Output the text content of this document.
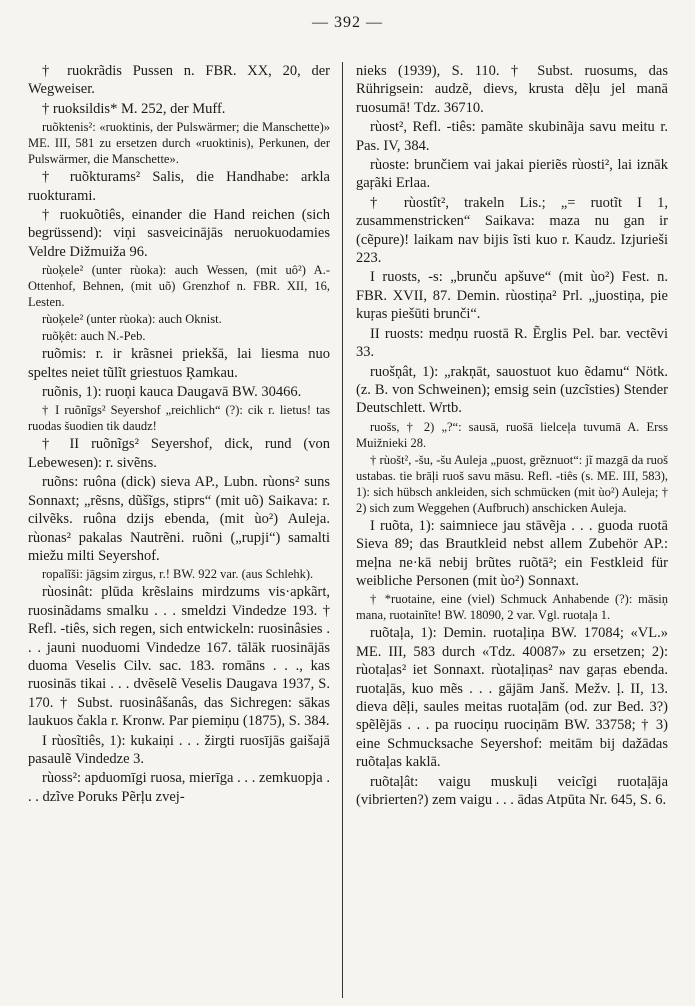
— 392 —

† ruokrãdis Pussen n. FBR. XX, 20, der Wegweiser.

† ruoksildis* M. 252, der Muff.

ruõktenis²: «ruoktinis, der Pulswärmer; die Manschette)» ME. III, 581 zu ersetzen durch «ruoktinis), Perkunen, der Pulswärmer, die Manschette».

† ruõkturams² Salis, die Handhabe: arkla ruokturami.

† ruokuõtiês, einander die Hand reichen (sich begrüssend): viņi sasveicinājās neruokuodamies Veldre Dižmuiža 96.

rùoķele² (unter rùoka): auch Wessen, (mit uô²) A.-Ottenhof, Behnen, (mit uõ) Grenzhof n. FBR. XII, 16, Lesten.

rùoķele² (unter rùoka): auch Oknist.

ruõķêt: auch N.-Peb.

ruõmis: r. ir krãsnei priekšā, lai liesma nuo speltes neiet tũlĩt griestuos Ŗamkau.

ruõnis, 1): ruoņi kauca Daugavā BW. 30466.

† I ruõnĩgs² Seyershof „reichlich“ (?): cik r. lietus! tas ruodas šuodien tik daudz!

† II ruõnĩgs² Seyershof, dick, rund (von Lebewesen): r. sivẽns.

ruõns: ruôna (dick) sieva AP., Lubn. rùons² suns Sonnaxt; „rẽsns, dũšĩgs, stiprs“ (mit uõ) Saikava: r. cilvẽks. ruôna dzijs ebenda, (mit ùo²) Auleja. rùonas² pakalas Nautrẽni. ruõni („rupji“) samalti miežu milti Seyershof.

ropalĩši: jāgsim zirgus, r.! BW. 922 var. (aus Schlehk).

rùosinât: plūda krẽslains mirdzums vis·apkãrt, ruosinãdams smalku . . . smeldzi Vindedze 193. † Refl. -tiês, sich regen, sich entwickeln: ruosinâsies . . . jauni nuoduomi Vindedze 167. tālāk ruosinājās duoma Veselis Cilv. sac. 183. romāns . . ., kas ruosinās tikai . . . dvẽselẽ Veselis Daugava 1937, S. 170. † Subst. ruosinâšanâs, das Sichregen: sākas laukuos čakla r. Kronw. Par piemiņu (1875), S. 384.

I rùosĩtiês, 1): kukaiņi . . . žirgti ruosījās gaišajā pasaulẽ Vindedze 3.

rùoss²: apduomīgi ruosa, mierīga . . . zemkuopja . . . dzĩve Poruks Pẽrļu zvej-

nieks (1939), S. 110. † Subst. ruosums, das Rührigsein: audzẽ, dievs, krusta dẽļu jel manā ruosumā! Tdz. 36710.

rùost², Refl. -tiês: pamãte skubinãja savu meitu r. Pas. IV, 384.

rùoste: brunčiem vai jakai pieriẽs rùosti², lai iznāk gaŗãki Erlaa.

† rùostît², trakeln Lis.; „= ruotĩt I 1, zusammenstricken“ Saikava: maza nu gan ir (cẽpure)! laikam nav bijis ĩsti kuo r. Kaudz. Izjurieši 223.

I ruosts, -s: „brunču apšuve“ (mit ùo²) Fest. n. FBR. XVII, 87. Demin. rùostiņa² Prl. „juostiņa, pie kuŗas piešūti brunči“.

II ruosts: medņu ruostā R. Ẽrglis Pel. bar. vectẽvi 33.

ruošņât, 1): „rakņāt, sauostuot kuo ẽdamu“ Nötk. (z. B. von Schweinen); emsig sein (uzcĩsties) Stender Deutschlett. Wrtb.

ruošs, † 2) „?“: sausā, ruošā lielceļa tuvumā A. Erss Muižnieki 28.

† rùošt², -šu, -šu Auleja „puost, grẽznuot“: jĩ mazgā da ruoš ustabas. tie brāļi ruoš savu māsu. Refl. -tiês (s. ME. III, 583), 1): sich hübsch ankleiden, sich schmücken (mit ùo²) Auleja; † 2) sich zum Weggehen (Aufbruch) anschicken Auleja.

I ruõta, 1): saimniece jau stāvẽja . . . guoda ruotā Sieva 89; das Brautkleid nebst allem Zubehör AP.: meļna ne·kā nebij brũtes ruõtā²; ein Festkleid für weibliche Personen (mit ùo²) Sonnaxt.

† *ruotaine, eine (viel) Schmuck Anhabende (?): māsiņ mana, ruotainĩte! BW. 18090, 2 var. Vgl. ruotaļa 1.

ruõtaļa, 1): Demin. ruotaļiņa BW. 17084; «VL.» ME. III, 583 durch «Tdz. 40087» zu ersetzen; 2): rùotaļas² iet Sonnaxt. rùotaļiņas² nav gaŗas ebenda. ruotaļās, kuo mẽs . . . gājām Janš. Mežv. ļ. II, 13. dieva dẽļi, saules meitas ruotaļām (od. zur Bed. 3?) spẽlẽjās . . . pa ruociņu ruociņām BW. 33758; † 3) eine Schmucksache Seyershof: meitām bij dažādas ruõtaļas kaklā.

ruõtaļât: vaigu muskuļi veicĩgi ruotaļāja (vibrierten?) zem vaigu . . . ādas Atpūta Nr. 645, S. 6.
